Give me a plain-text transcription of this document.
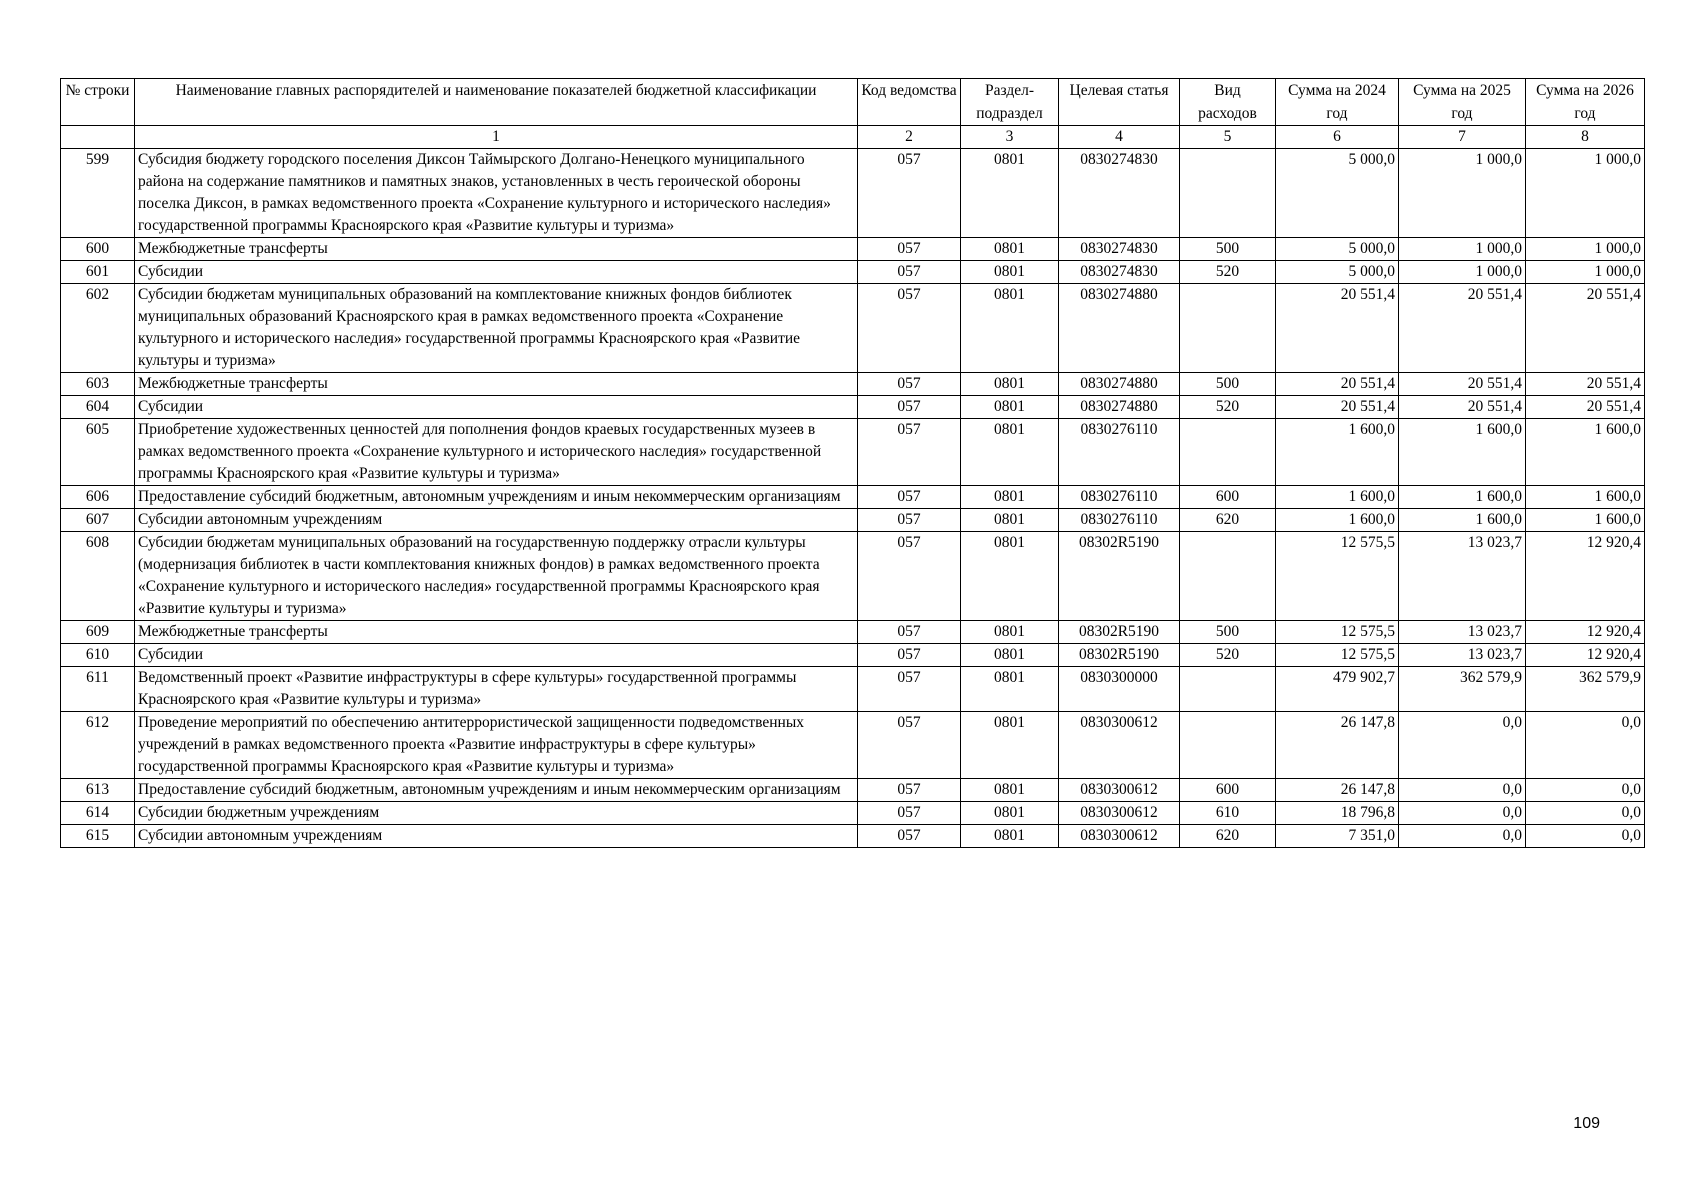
№ строки	Наименование главных распорядителей и наименование показателей бюджетной классификации	Код ведомства	Раздел-подраздел	Целевая статья	Вид расходов	Сумма на 2024 год	Сумма на 2025 год	Сумма на 2026 год
	1	2	3	4	5	6	7	8
599	Субсидия бюджету городского поселения Диксон Таймырского Долгано-Ненецкого муниципального района на содержание памятников и памятных знаков, установленных в честь героической обороны поселка Диксон, в рамках ведомственного проекта «Сохранение культурного и исторического наследия» государственной программы Красноярского края «Развитие культуры и туризма»	057	0801	0830274830		5 000,0	1 000,0	1 000,0
600	Межбюджетные трансферты	057	0801	0830274830	500	5 000,0	1 000,0	1 000,0
601	Субсидии	057	0801	0830274830	520	5 000,0	1 000,0	1 000,0
602	Субсидии бюджетам муниципальных образований на комплектование книжных фондов библиотек муниципальных образований Красноярского края в рамках ведомственного проекта «Сохранение культурного и исторического наследия» государственной программы Красноярского края «Развитие культуры и туризма»	057	0801	0830274880		20 551,4	20 551,4	20 551,4
603	Межбюджетные трансферты	057	0801	0830274880	500	20 551,4	20 551,4	20 551,4
604	Субсидии	057	0801	0830274880	520	20 551,4	20 551,4	20 551,4
605	Приобретение художественных ценностей для пополнения фондов краевых государственных музеев в рамках ведомственного проекта «Сохранение культурного и исторического наследия» государственной программы Красноярского края «Развитие культуры и туризма»	057	0801	0830276110		1 600,0	1 600,0	1 600,0
606	Предоставление субсидий бюджетным, автономным учреждениям и иным некоммерческим организациям	057	0801	0830276110	600	1 600,0	1 600,0	1 600,0
607	Субсидии автономным учреждениям	057	0801	0830276110	620	1 600,0	1 600,0	1 600,0
608	Субсидии бюджетам муниципальных образований на государственную поддержку отрасли культуры (модернизация библиотек в части комплектования книжных фондов) в рамках ведомственного проекта «Сохранение культурного и исторического наследия» государственной программы Красноярского края «Развитие культуры и туризма»	057	0801	08302R5190		12 575,5	13 023,7	12 920,4
609	Межбюджетные трансферты	057	0801	08302R5190	500	12 575,5	13 023,7	12 920,4
610	Субсидии	057	0801	08302R5190	520	12 575,5	13 023,7	12 920,4
611	Ведомственный проект «Развитие инфраструктуры в сфере культуры» государственной программы Красноярского края «Развитие культуры и туризма»	057	0801	0830300000		479 902,7	362 579,9	362 579,9
612	Проведение мероприятий по обеспечению антитеррористической защищенности подведомственных учреждений в рамках ведомственного проекта «Развитие инфраструктуры в сфере культуры» государственной программы Красноярского края «Развитие культуры и туризма»	057	0801	0830300612		26 147,8	0,0	0,0
613	Предоставление субсидий бюджетным, автономным учреждениям и иным некоммерческим организациям	057	0801	0830300612	600	26 147,8	0,0	0,0
614	Субсидии бюджетным учреждениям	057	0801	0830300612	610	18 796,8	0,0	0,0
615	Субсидии автономным учреждениям	057	0801	0830300612	620	7 351,0	0,0	0,0
109
